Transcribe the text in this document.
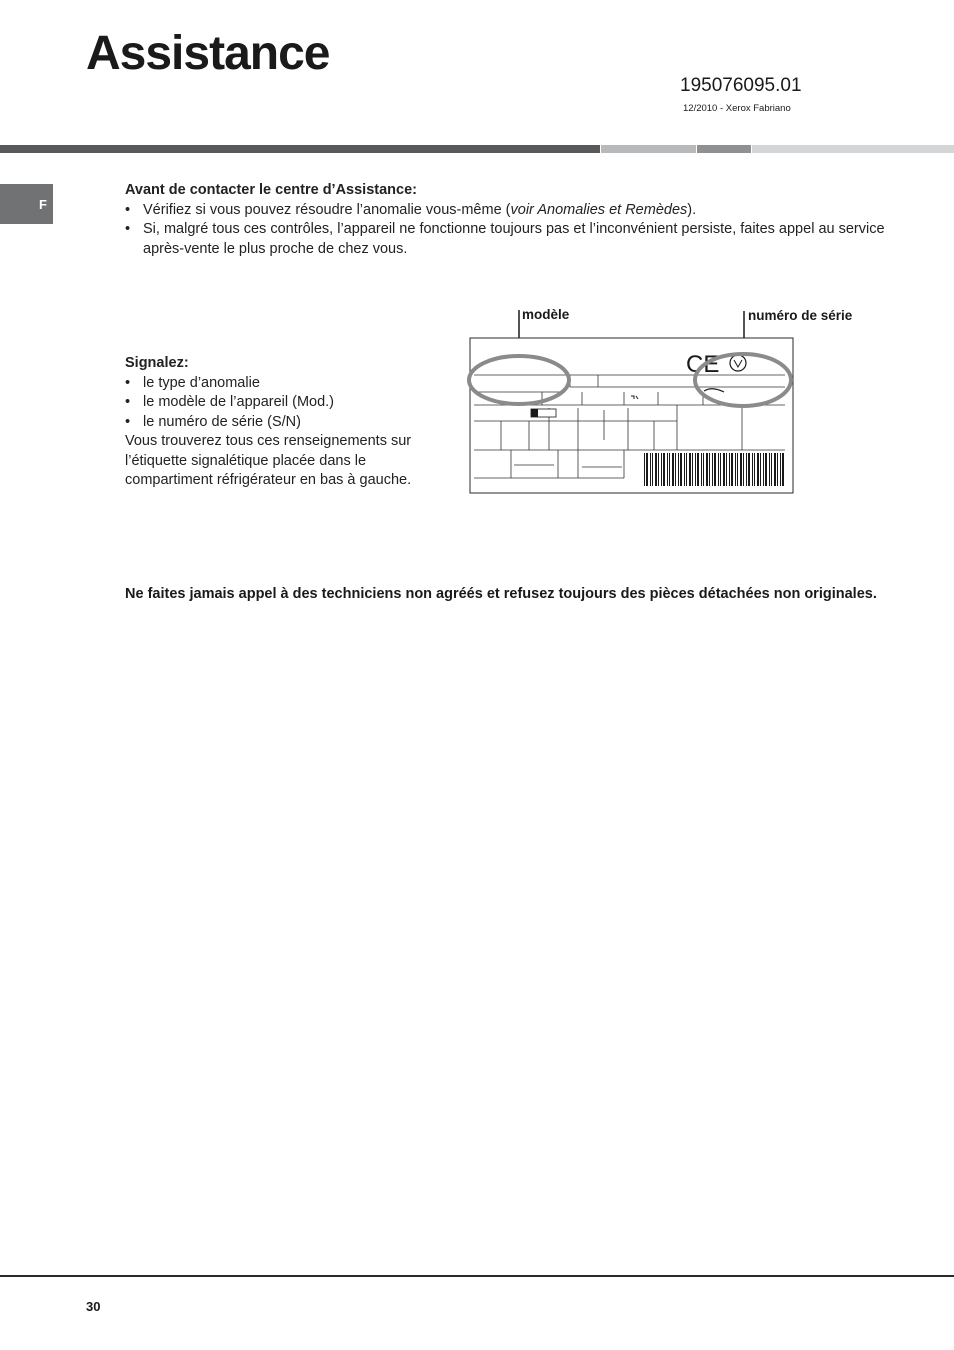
Assistance
195076095.01
12/2010 - Xerox Fabriano
F
Avant de contacter le centre d’Assistance:
• Vérifiez si vous pouvez résoudre l’anomalie vous-même (voir Anomalies et Remèdes).
• Si, malgré tous ces contrôles, l’appareil ne fonctionne toujours pas et l’inconvénient persiste, faites appel au service après-vente le plus proche de chez vous.
Signalez:
• le type d’anomalie
• le modèle de l’appareil (Mod.)
• le numéro de série (S/N)
Vous trouverez tous ces renseignements sur l’étiquette signalétique placée dans le compartiment réfrigérateur en bas à gauche.
modèle	numéro de série
CE
Ne faites jamais appel à des techniciens non agréés et refusez toujours des pièces détachées non originales.
30
